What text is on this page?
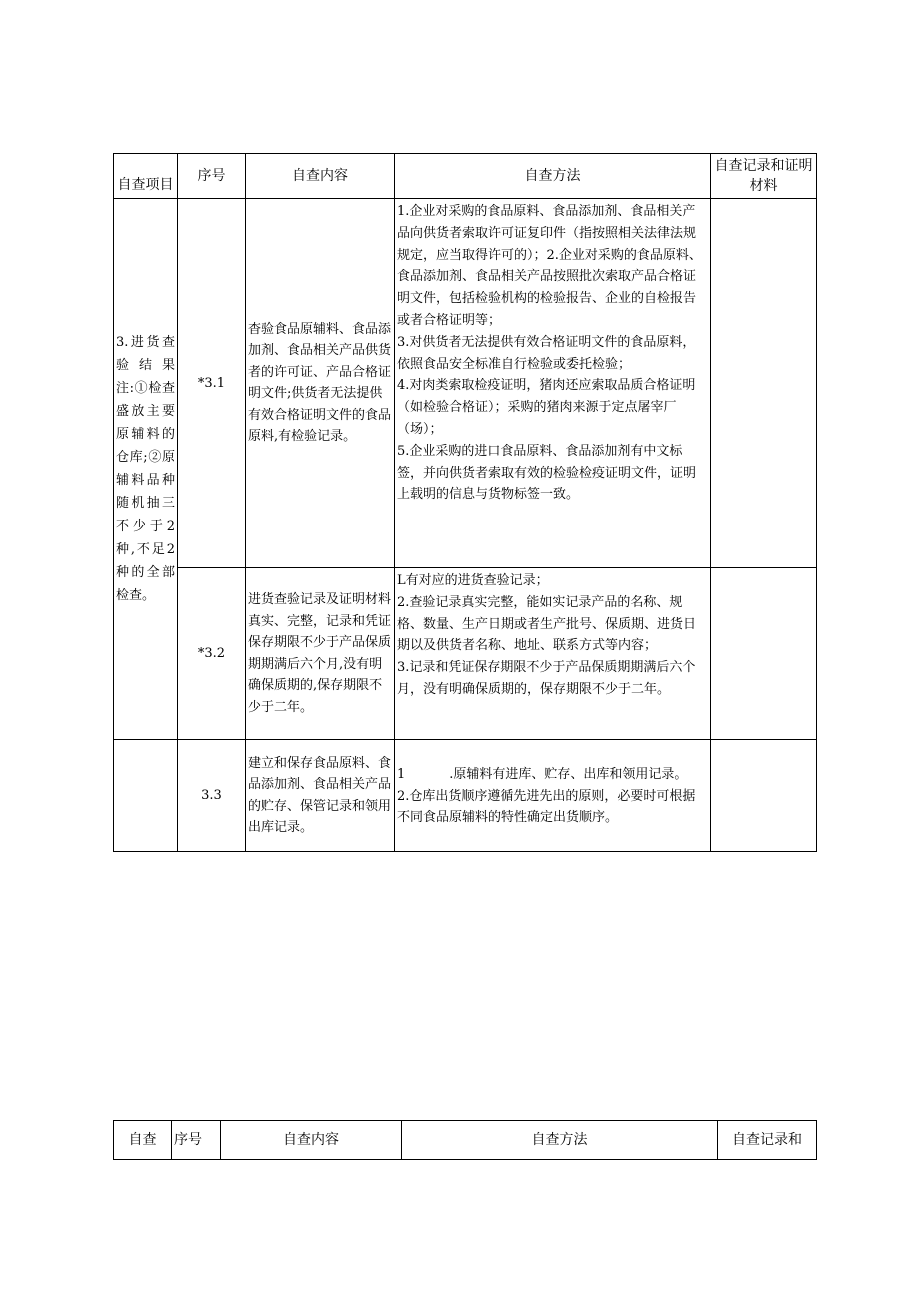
自查项目	序号	自查内容	自查方法	自查记录和证明材料
3.进货查验结果注:①检查盛放主要原辅料的仓库;②原辅料品种随机抽三不少于2种,不足2种的全部检查。	*3.1	杳验食品原辅料、食品添加剂、食品相关产品供货者的许可证、产品合格证明文件;供货者无法提供有效合格证明文件的食品原料,有检验记录。	1.企业对采购的食品原料、食品添加剂、食品相关产品向供货者索取许可证复印件（指按照相关法律法规规定，应当取得许可的）；2.企业对采购的食品原料、食品添加剂、食品相关产品按照批次索取产品合格证明文件，包括检验机构的检验报告、企业的自检报告或者合格证明等；

3.对供货者无法提供有效合格证明文件的食品原料，依照食品安全标准自行检验或委托检验；

4.对肉类索取检疫证明，猪肉还应索取品质合格证明（如检验合格证）；采购的猪肉来源于定点屠宰厂（场）；

5.企业采购的进口食品原料、食品添加剂有中文标签，并向供货者索取有效的检验检疫证明文件，证明上载明的信息与货物标签一致。	

	*3.2	进货查验记录及证明材料真实、完整，记录和凭证保存期限不少于产品保质期期满后六个月,没有明确保质期的,保存期限不少于二年。	L有对应的进货查验记录；

2.查验记录真实完整，能如实记录产品的名称、规格、数量、生产日期或者生产批号、保质期、进货日期以及供货者名称、地址、联系方式等内容；

3.记录和凭证保存期限不少于产品保质期期满后六个月，没有明确保质期的，保存期限不少于二年。	

	3.3	建立和保存食品原料、食品添加剂、食品相关产品的贮存、保管记录和领用出库记录。	1 .原辅料有进库、贮存、出库和领用记录。

2.仓库出货顺序遵循先进先出的原则，必要时可根据不同食品原辅料的特性确定出货顺序。	

自查	序号	自查内容	自查方法	自查记录和
